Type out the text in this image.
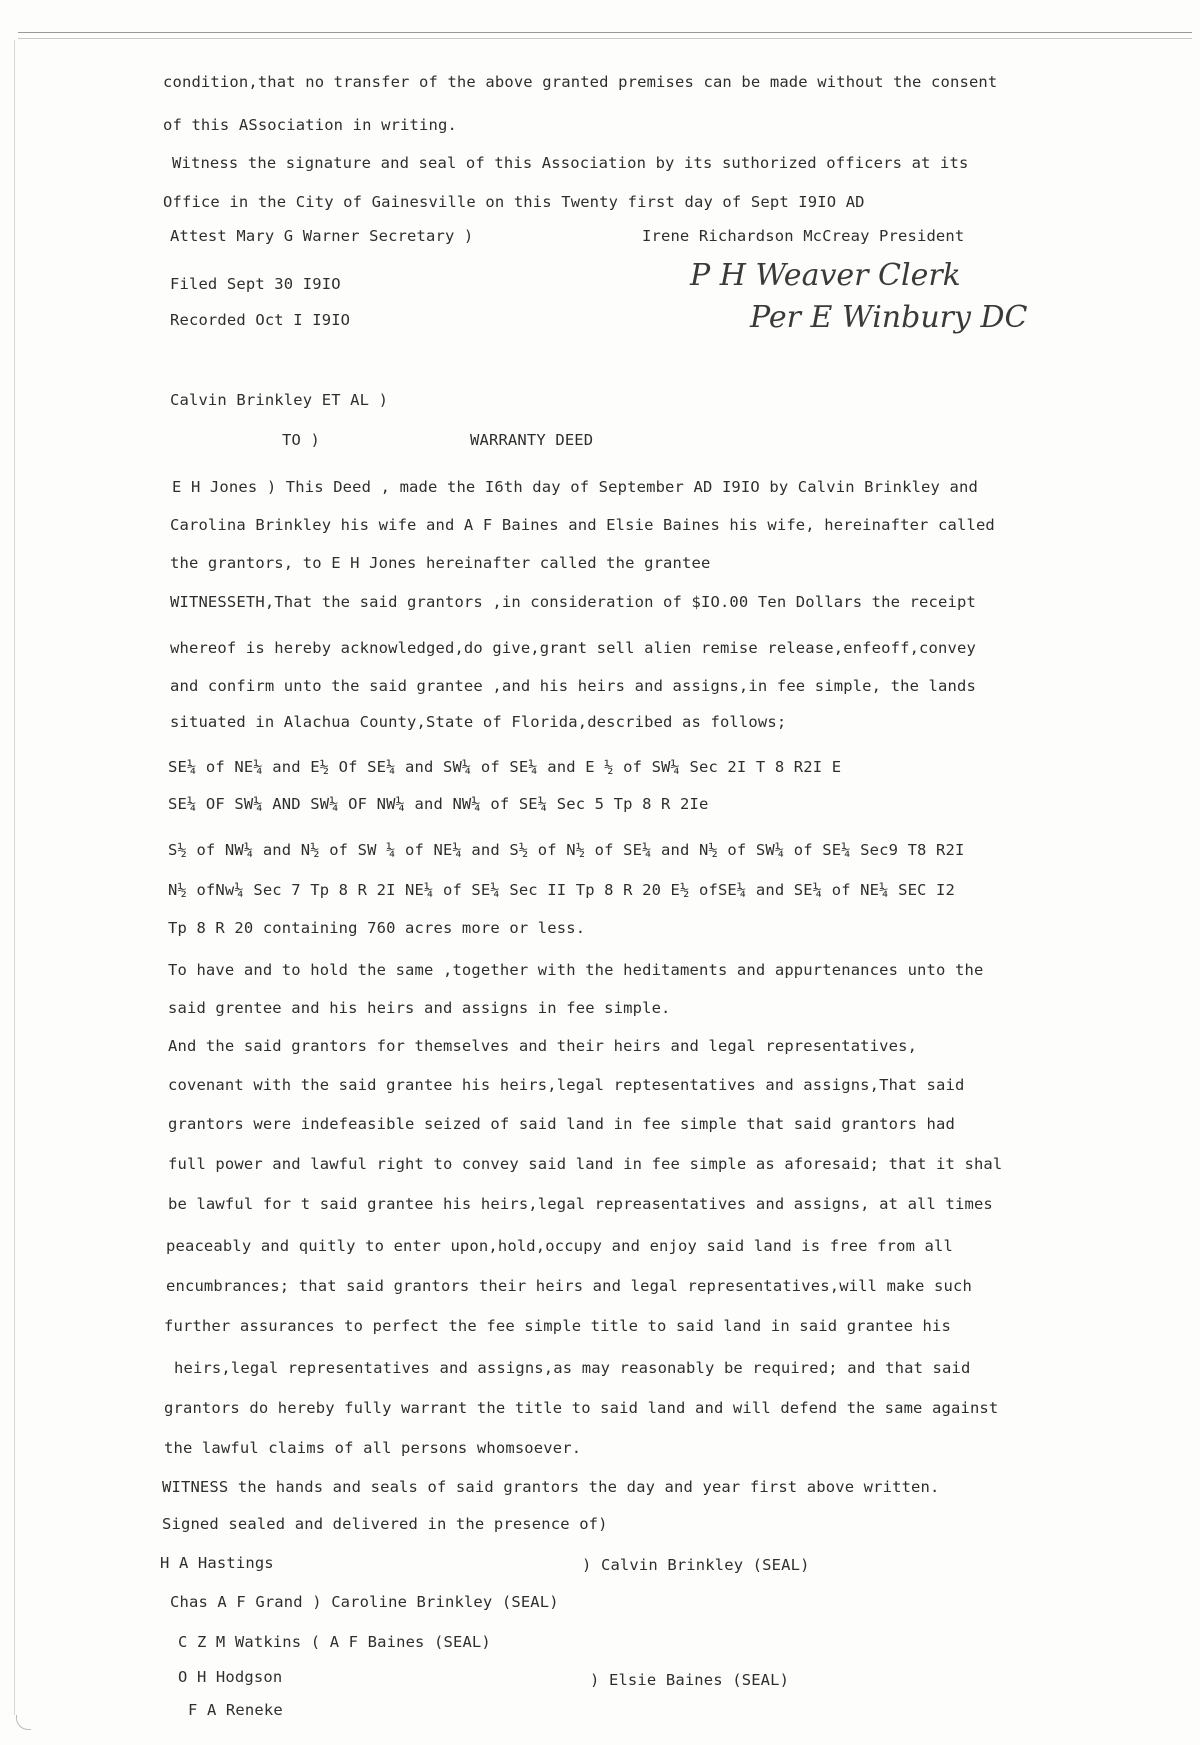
condition,that no transfer of the above granted premises can be made without the consent
of this ASsociation in writing.
Witness the signature and seal of this Association by its suthorized officers at its
Office in the City of Gainesville on this Twenty first day of Sept I9IO AD
Attest Mary G Warner Secretary )	Irene Richardson McCreay President
Filed Sept 30 I9IO
Recorded Oct I I9IO
P H Weaver Clerk
Per E Winbury DC
Calvin Brinkley ET AL )
TO )	WARRANTY DEED
E H Jones ) This Deed , made the I6th day of September AD I9IO by Calvin Brinkley and
Carolina Brinkley his wife and A F Baines and Elsie Baines his wife, hereinafter called
the grantors, to E H Jones hereinafter called the grantee
WITNESSETH,That the said grantors ,in consideration of $IO.00 Ten Dollars the receipt
whereof is hereby acknowledged,do give,grant sell alien remise release,enfeoff,convey
and confirm unto the said grantee ,and his heirs and assigns,in fee simple, the lands
situated in Alachua County,State of Florida,described as follows;
SE¼ of NE¼ and E½ Of SE¼ and SW¼ of SE¼ and E ½ of SW¼ Sec 2I T 8 R2I E
SE¼ OF SW¼ AND SW¼ OF NW¼ and NW¼ of SE¼ Sec 5 Tp 8 R 2Ie
S½ of NW¼ and N½ of SW ¼ of NE¼ and S½ of N½ of SE¼ and N½ of SW¼ of SE¼ Sec9 T8 R2I
N½ ofNw¼ Sec 7 Tp 8 R 2I NE¼ of SE¼ Sec II Tp 8 R 20 E½ ofSE¼ and SE¼ of NE¼ SEC I2
Tp 8 R 20 containing 760 acres more or less.
To have and to hold the same ,together with the heditaments and appurtenances unto the
said grentee and his heirs and assigns in fee simple.
And the said grantors for themselves and their heirs and legal representatives,
covenant with the said grantee his heirs,legal reptesentatives and assigns,That said
grantors were indefeasible seized of said land in fee simple that said grantors had
full power and lawful right to convey said land in fee simple as aforesaid; that it shal
be lawful for t said grantee his heirs,legal repreasentatives and assigns, at all times
peaceably and quitly to enter upon,hold,occupy and enjoy said land is free from all
encumbrances; that said grantors their heirs and legal representatives,will make such
further assurances to perfect the fee simple title to said land in said grantee his
heirs,legal representatives and assigns,as may reasonably be required; and that said
grantors do hereby fully warrant the title to said land and will defend the same against
the lawful claims of all persons whomsoever.
WITNESS the hands and seals of said grantors the day and year first above written.
Signed sealed and delivered in the presence of)
H A Hastings	) Calvin Brinkley (SEAL)
Chas A F Grand ) Caroline Brinkley (SEAL)
C Z M Watkins ( A F Baines (SEAL)
O H Hodgson	) Elsie Baines (SEAL)
F A Reneke
